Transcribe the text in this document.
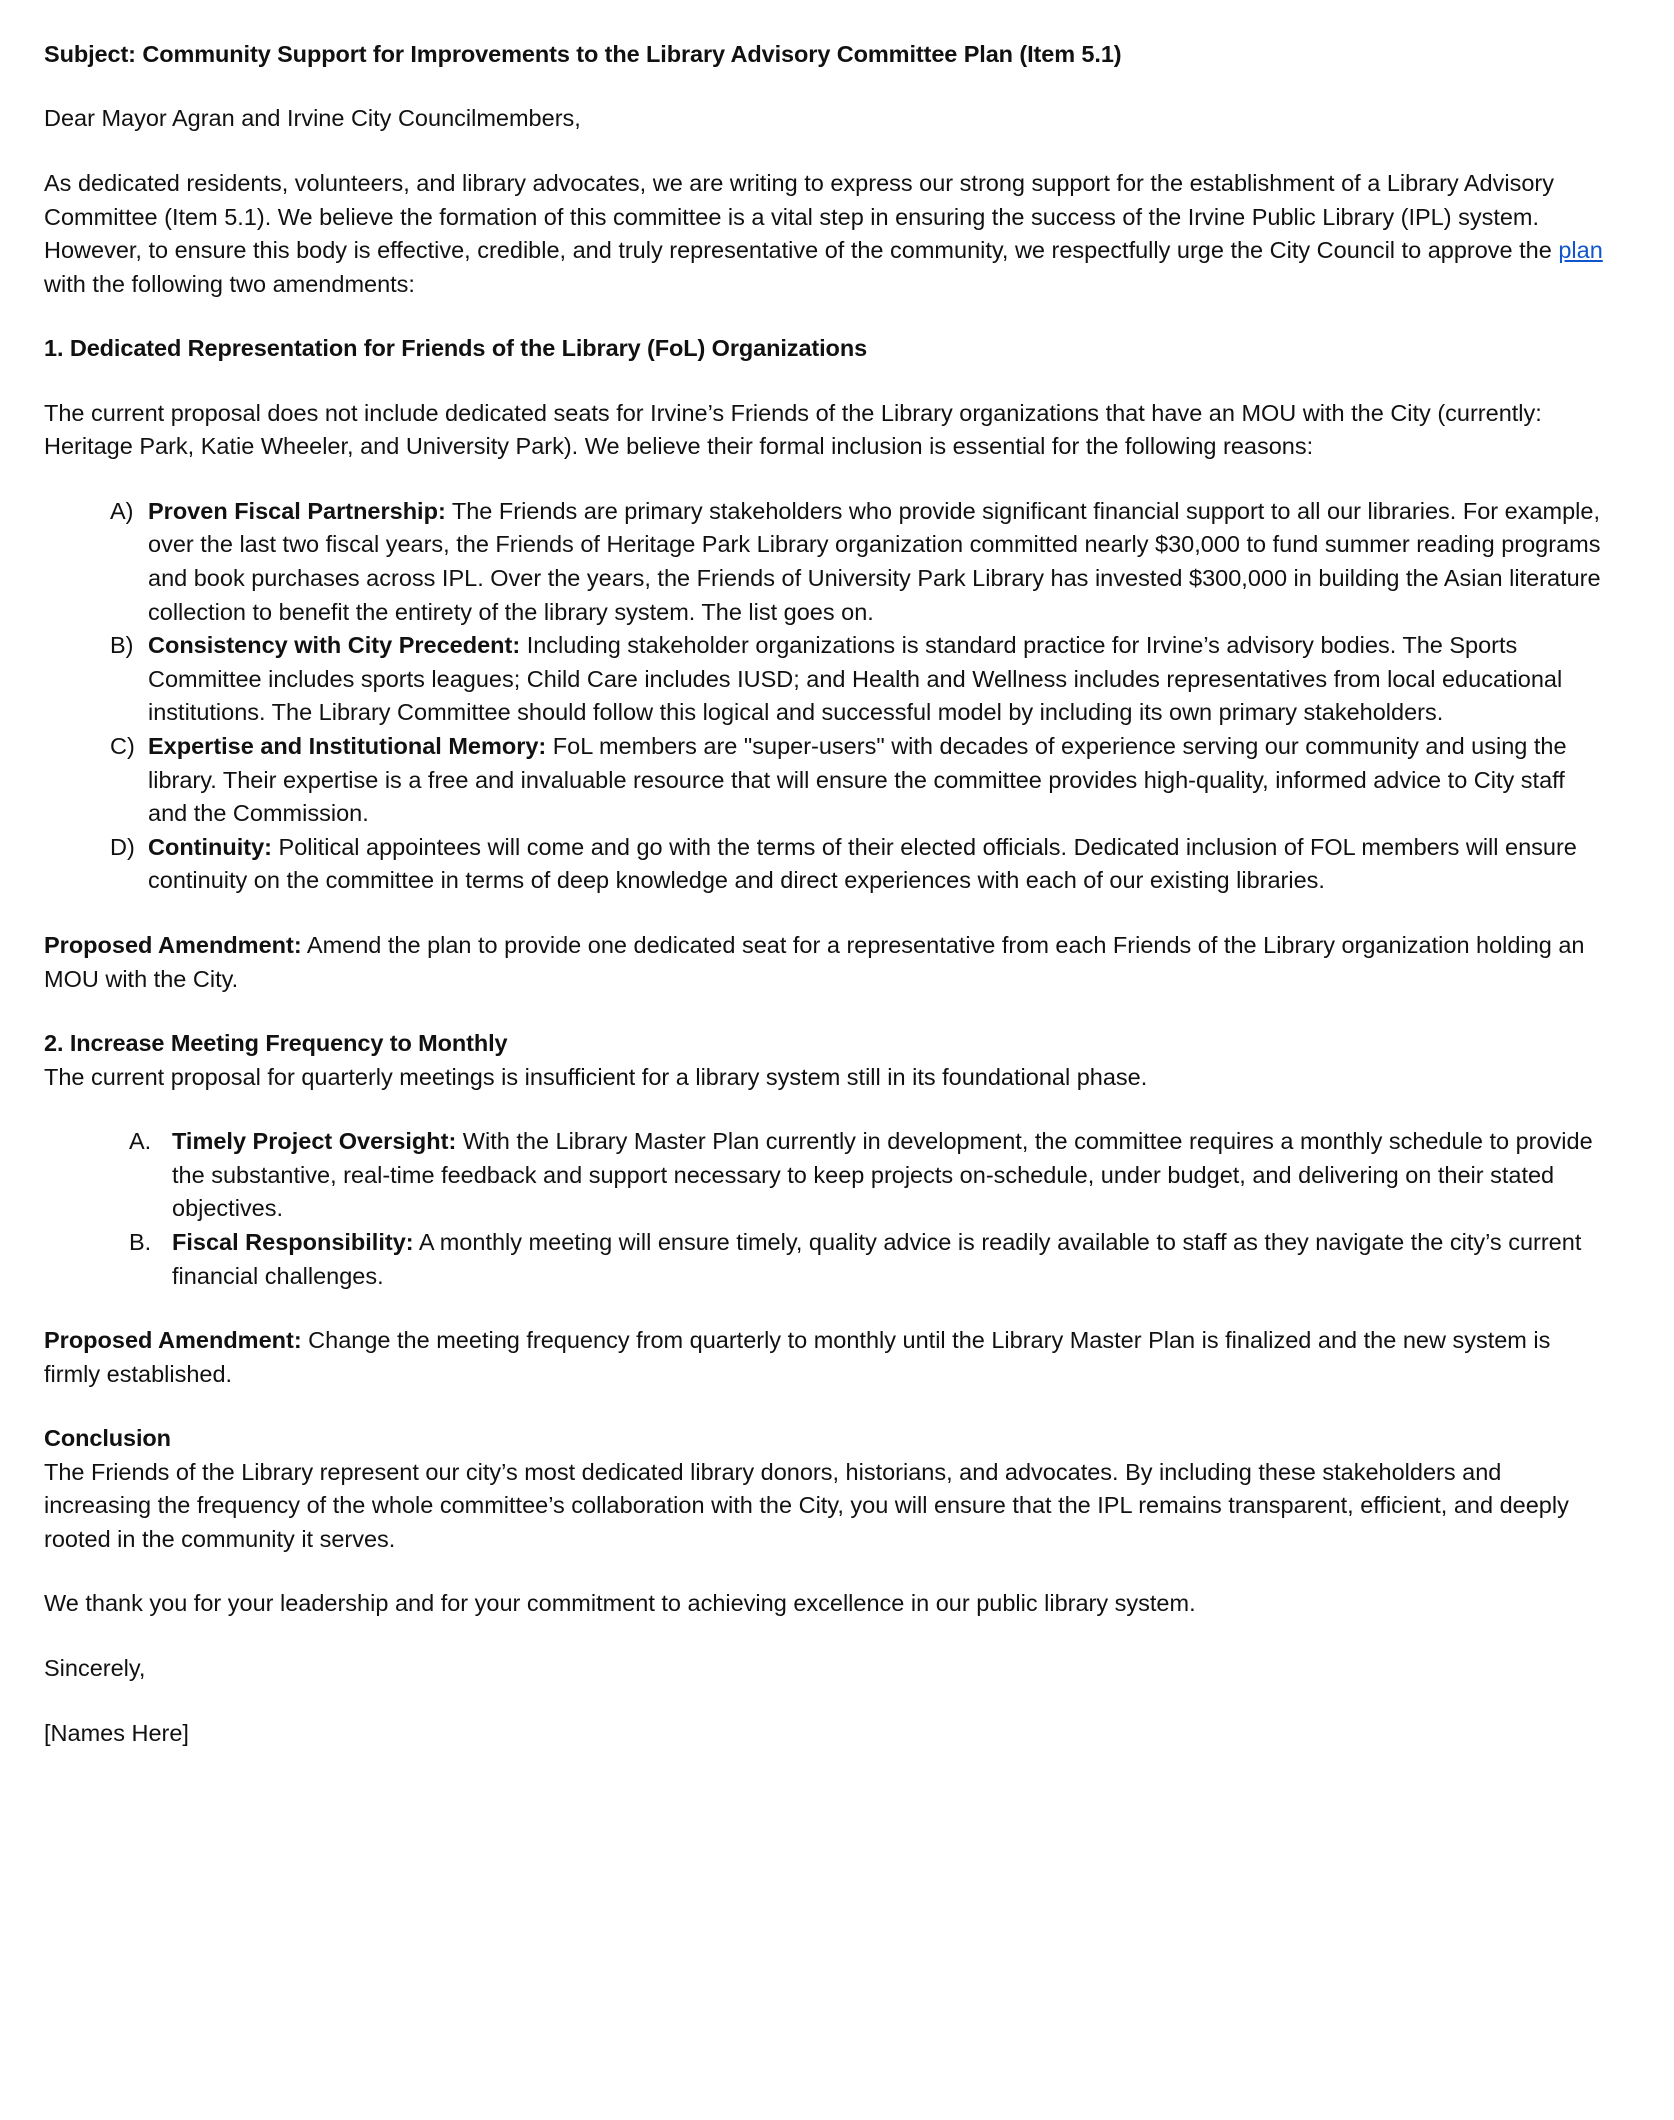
Subject: Community Support for Improvements to the Library Advisory Committee Plan (Item 5.1)

Dear Mayor Agran and Irvine City Councilmembers,

As dedicated residents, volunteers, and library advocates, we are writing to express our strong support for the establishment of a Library Advisory Committee (Item 5.1). We believe the formation of this committee is a vital step in ensuring the success of the Irvine Public Library (IPL) system. However, to ensure this body is effective, credible, and truly representative of the community, we respectfully urge the City Council to approve the plan with the following two amendments:

1. Dedicated Representation for Friends of the Library (FoL) Organizations

The current proposal does not include dedicated seats for Irvine’s Friends of the Library organizations that have an MOU with the City (currently: Heritage Park, Katie Wheeler, and University Park). We believe their formal inclusion is essential for the following reasons:

A) Proven Fiscal Partnership: The Friends are primary stakeholders who provide significant financial support to all our libraries. For example, over the last two fiscal years, the Friends of Heritage Park Library organization committed nearly $30,000 to fund summer reading programs and book purchases across IPL. Over the years, the Friends of University Park Library has invested $300,000 in building the Asian literature collection to benefit the entirety of the library system. The list goes on.
B) Consistency with City Precedent: Including stakeholder organizations is standard practice for Irvine’s advisory bodies. The Sports Committee includes sports leagues; Child Care includes IUSD; and Health and Wellness includes representatives from local educational institutions. The Library Committee should follow this logical and successful model by including its own primary stakeholders.
C) Expertise and Institutional Memory: FoL members are "super-users" with decades of experience serving our community and using the library. Their expertise is a free and invaluable resource that will ensure the committee provides high-quality, informed advice to City staff and the Commission.
D) Continuity: Political appointees will come and go with the terms of their elected officials. Dedicated inclusion of FOL members will ensure continuity on the committee in terms of deep knowledge and direct experiences with each of our existing libraries.

Proposed Amendment: Amend the plan to provide one dedicated seat for a representative from each Friends of the Library organization holding an MOU with the City.

2. Increase Meeting Frequency to Monthly

The current proposal for quarterly meetings is insufficient for a library system still in its foundational phase.

A. Timely Project Oversight: With the Library Master Plan currently in development, the committee requires a monthly schedule to provide the substantive, real-time feedback and support necessary to keep projects on-schedule, under budget, and delivering on their stated objectives.
B. Fiscal Responsibility: A monthly meeting will ensure timely, quality advice is readily available to staff as they navigate the city’s current financial challenges.

Proposed Amendment: Change the meeting frequency from quarterly to monthly until the Library Master Plan is finalized and the new system is firmly established.

Conclusion

The Friends of the Library represent our city’s most dedicated library donors, historians, and advocates. By including these stakeholders and increasing the frequency of the whole committee’s collaboration with the City, you will ensure that the IPL remains transparent, efficient, and deeply rooted in the community it serves.

We thank you for your leadership and for your commitment to achieving excellence in our public library system.

Sincerely,

[Names Here]
